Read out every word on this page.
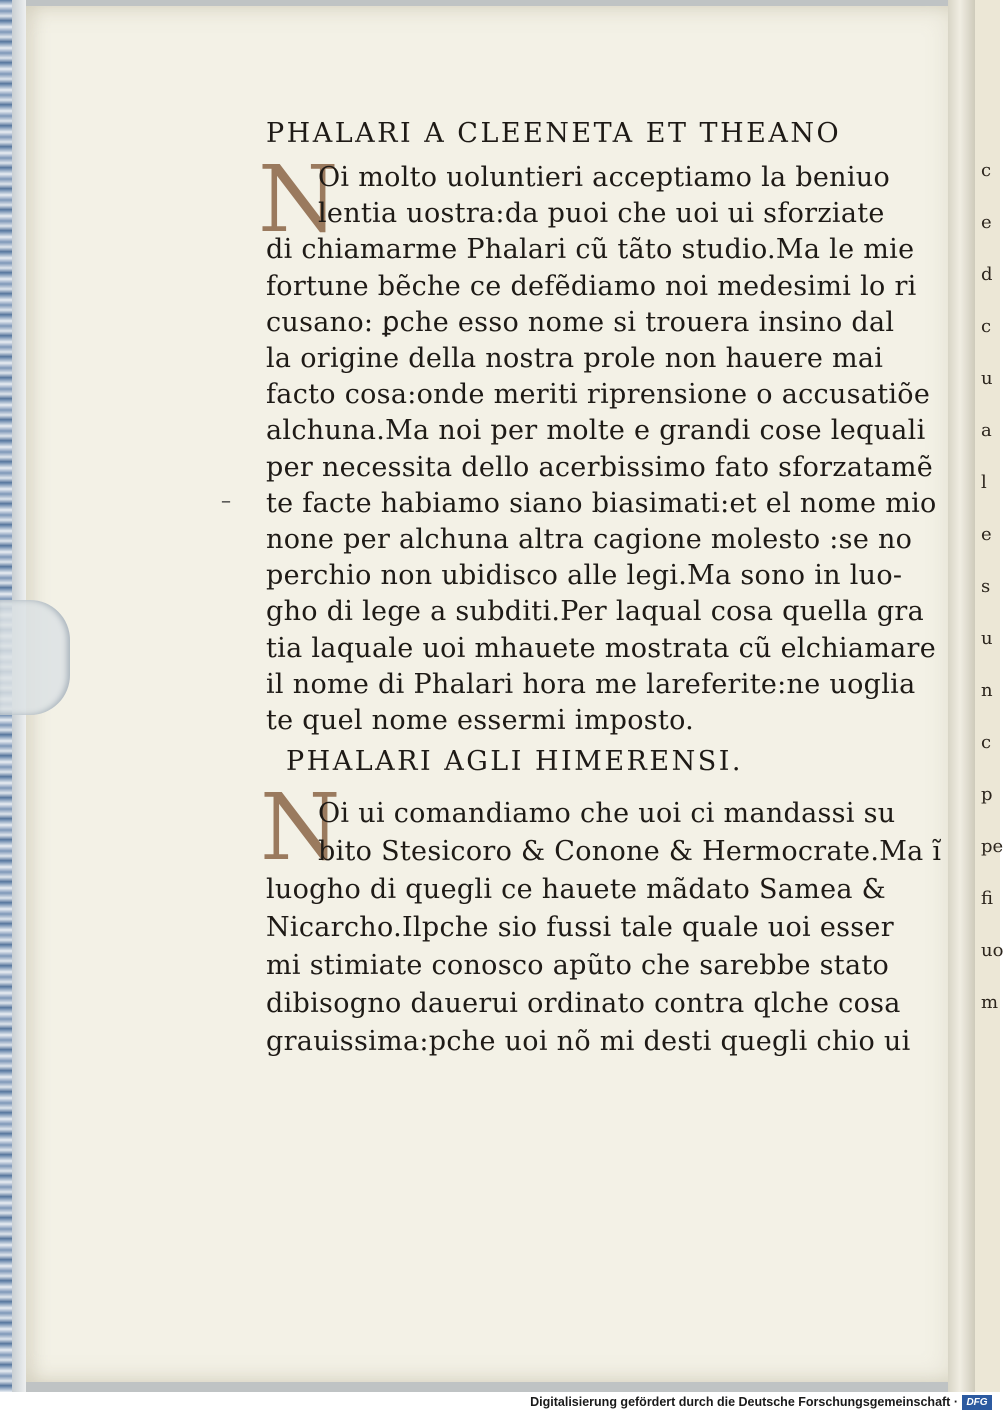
PHALARI A CLEENETA ET THEANO
N
Oi molto uoluntieri acceptiamo la beniuo
lentia uostra:da puoi che uoi ui sforziate
di chiamarme Phalari cũ tãto studio.Ma le mie
fortune bẽche ce defẽdiamo noi medesimi lo ri
cusano: ꝑche esso nome si trouera insino dal
la origine della nostra prole non hauere mai
facto cosa:onde meriti riprensione o accusatiõe
alchuna.Ma noi per molte e grandi cose lequali
per necessita dello acerbissimo fato sforzatamẽ
te facte habiamo siano biasimati:et el nome mio
none per alchuna altra cagione molesto :se no
perchio non ubidisco alle legi.Ma sono in luo-
gho di lege a subditi.Per laqual cosa quella gra
tia laquale uoi mhauete mostrata cũ elchiamare
il nome di Phalari hora me lareferite:ne uoglia
te quel nome essermi imposto.
PHALARI AGLI HIMERENSI.
N
Oi ui comandiamo che uoi ci mandassi su
bito Stesicoro & Conone & Hermocrate.Ma ĩ
luogho di quegli ce hauete mãdato Samea &
Nicarcho.Ilpche sio fussi tale quale uoi esser
mi stimiate conosco apũto che sarebbe stato
dibisogno dauerui ordinato contra qlche cosa
grauissima:pche uoi nõ mi desti quegli chio ui
–
c
e
d
c
u
a
l
e
s
u
n
c
p
pe
fi
uo
m
Digitalisierung gefördert durch die Deutsche Forschungsgemeinschaft · DFG
